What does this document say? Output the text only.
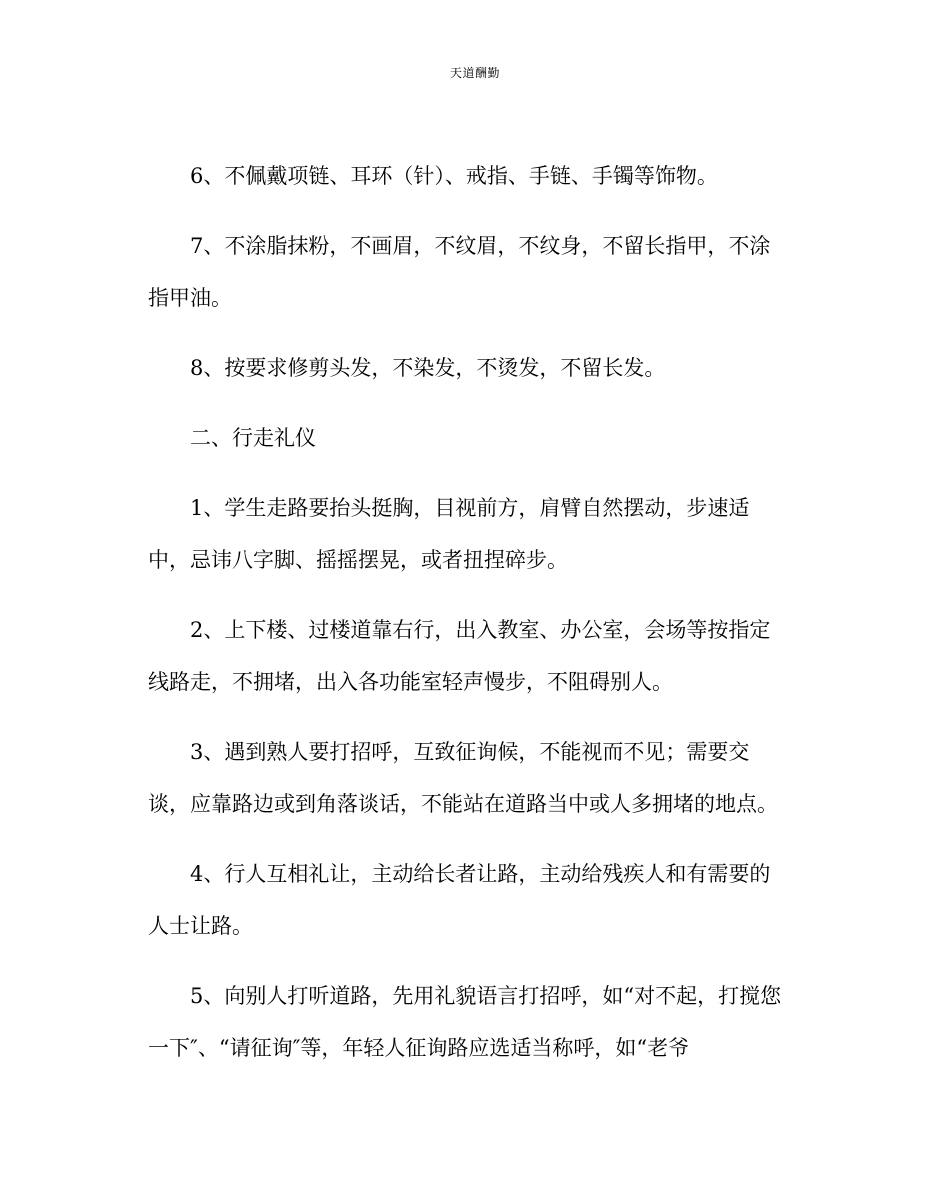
天道酬勤

6、不佩戴项链、耳环（针）、戒指、手链、手镯等饰物。

7、不涂脂抹粉，不画眉，不纹眉，不纹身，不留长指甲，不涂
指甲油。

8、按要求修剪头发，不染发，不烫发，不留长发。

二、行走礼仪

1、学生走路要抬头挺胸，目视前方，肩臂自然摆动，步速适
中，忌讳八字脚、摇摇摆晃，或者扭捏碎步。

2、上下楼、过楼道靠右行，出入教室、办公室，会场等按指定
线路走，不拥堵，出入各功能室轻声慢步，不阻碍别人。

3、遇到熟人要打招呼，互致征询候，不能视而不见；需要交
谈，应靠路边或到角落谈话，不能站在道路当中或人多拥堵的地点。

4、行人互相礼让，主动给长者让路，主动给残疾人和有需要的
人士让路。

5、向别人打听道路，先用礼貌语言打招呼，如“对不起，打搅您
一下″、“请征询″等，年轻人征询路应选适当称呼，如“老爷
